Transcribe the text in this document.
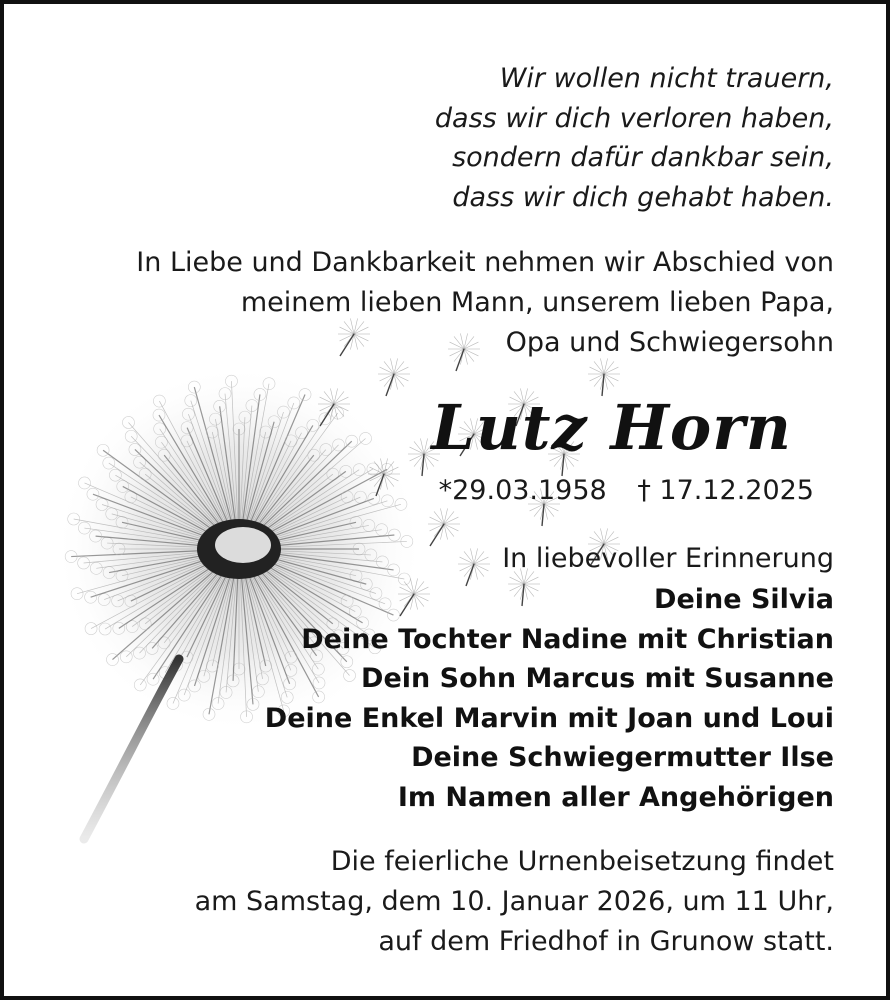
Wir wollen nicht trauern,
dass wir dich verloren haben,
sondern dafür dankbar sein,
dass wir dich gehabt haben.
In Liebe und Dankbarkeit nehmen wir Abschied von
meinem lieben Mann, unserem lieben Papa,
Opa und Schwiegersohn
Lutz Horn
*29.03.1958 † 17.12.2025
In liebevoller Erinnerung
Deine Silvia
Deine Tochter Nadine mit Christian
Dein Sohn Marcus mit Susanne
Deine Enkel Marvin mit Joan und Loui
Deine Schwiegermutter Ilse
Im Namen aller Angehörigen
Die feierliche Urnenbeisetzung findet
am Samstag, dem 10. Januar 2026, um 11 Uhr,
auf dem Friedhof in Grunow statt.
